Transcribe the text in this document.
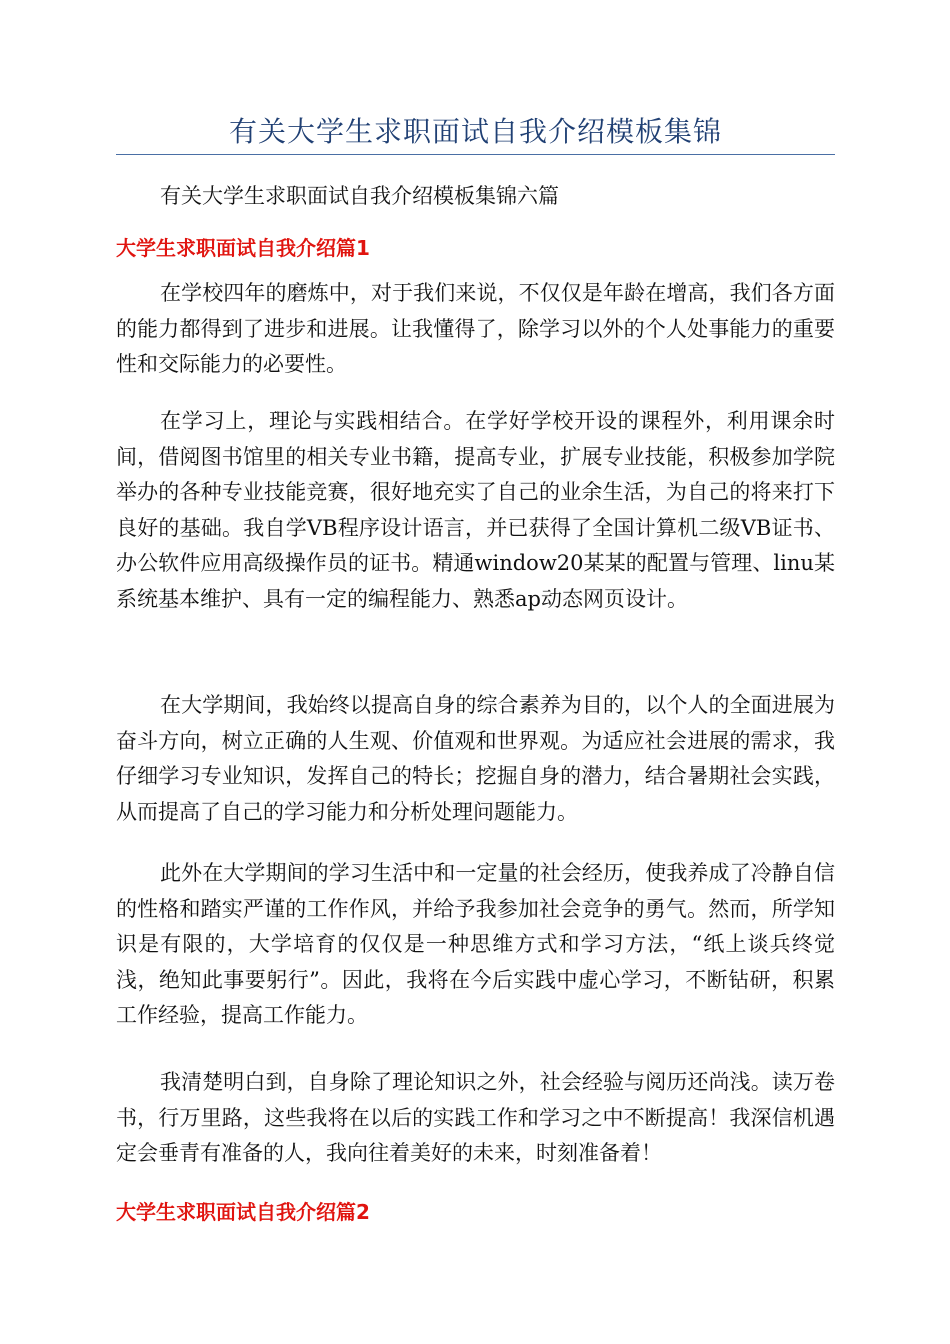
有关大学生求职面试自我介绍模板集锦
有关大学生求职面试自我介绍模板集锦六篇
大学生求职面试自我介绍篇1

在学校四年的磨炼中，对于我们来说，不仅仅是年龄在增高，我们各方面的能力都得到了进步和进展。让我懂得了，除学习以外的个人处事能力的重要性和交际能力的必要性。

在学习上，理论与实践相结合。在学好学校开设的课程外，利用课余时间，借阅图书馆里的相关专业书籍，提高专业，扩展专业技能，积极参加学院举办的各种专业技能竞赛，很好地充实了自己的业余生活，为自己的将来打下良好的基础。我自学VB程序设计语言，并已获得了全国计算机二级VB证书、办公软件应用高级操作员的证书。精通window20某某的配置与管理、linu某系统基本维护、具有一定的编程能力、熟悉ap动态网页设计。

在大学期间，我始终以提高自身的综合素养为目的，以个人的全面进展为奋斗方向，树立正确的人生观、价值观和世界观。为适应社会进展的需求，我仔细学习专业知识，发挥自己的特长；挖掘自身的潜力，结合暑期社会实践，从而提高了自己的学习能力和分析处理问题能力。

此外在大学期间的学习生活中和一定量的社会经历，使我养成了冷静自信的性格和踏实严谨的工作作风，并给予我参加社会竞争的勇气。然而，所学知识是有限的，大学培育的仅仅是一种思维方式和学习方法，“纸上谈兵终觉浅，绝知此事要躬行”。因此，我将在今后实践中虚心学习，不断钻研，积累工作经验，提高工作能力。

我清楚明白到，自身除了理论知识之外，社会经验与阅历还尚浅。读万卷书，行万里路，这些我将在以后的实践工作和学习之中不断提高！我深信机遇定会垂青有准备的人，我向往着美好的未来，时刻准备着！

大学生求职面试自我介绍篇2
